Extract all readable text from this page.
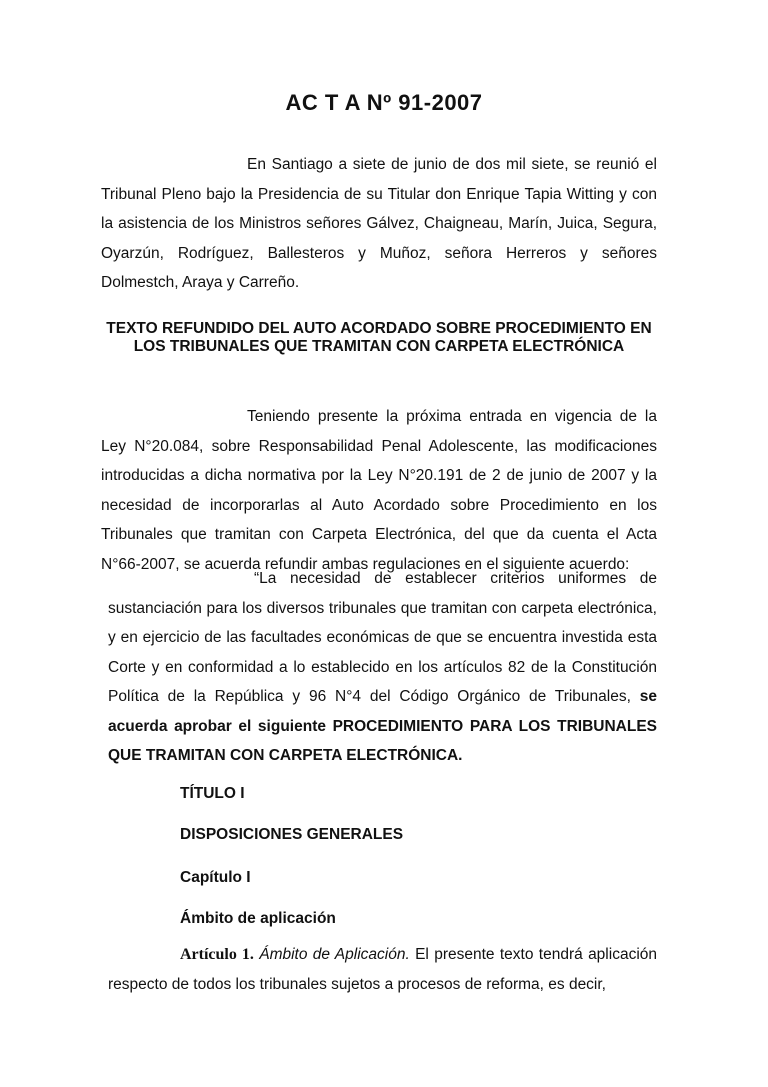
AC T A Nº 91-2007

En Santiago a siete de junio de dos mil siete, se reunió el Tribunal Pleno bajo la Presidencia de su Titular don Enrique Tapia Witting y con la asistencia de los Ministros señores Gálvez, Chaigneau, Marín, Juica, Segura, Oyarzún, Rodríguez, Ballesteros y Muñoz, señora Herreros y señores Dolmestch, Araya y Carreño.

TEXTO REFUNDIDO DEL AUTO ACORDADO SOBRE PROCEDIMIENTO EN LOS TRIBUNALES QUE TRAMITAN CON CARPETA ELECTRÓNICA

Teniendo presente la próxima entrada en vigencia de la Ley N°20.084, sobre Responsabilidad Penal Adolescente, las modificaciones introducidas a dicha normativa por la Ley N°20.191 de 2 de junio de 2007 y la necesidad de incorporarlas al Auto Acordado sobre Procedimiento en los Tribunales que tramitan con Carpeta Electrónica, del que da cuenta el Acta N°66-2007, se acuerda refundir ambas regulaciones en el siguiente acuerdo:

“La necesidad de establecer criterios uniformes de sustanciación para los diversos tribunales que tramitan con carpeta electrónica, y en ejercicio de las facultades económicas de que se encuentra investida esta Corte y en conformidad a lo establecido en los artículos 82 de la Constitución Política de la República y 96 N°4 del Código Orgánico de Tribunales, se acuerda aprobar el siguiente PROCEDIMIENTO PARA LOS TRIBUNALES QUE TRAMITAN CON CARPETA ELECTRÓNICA.

TÍTULO I

DISPOSICIONES GENERALES

Capítulo I

Ámbito de aplicación

Artículo 1. Ámbito de Aplicación. El presente texto tendrá aplicación respecto de todos los tribunales sujetos a procesos de reforma, es decir,
